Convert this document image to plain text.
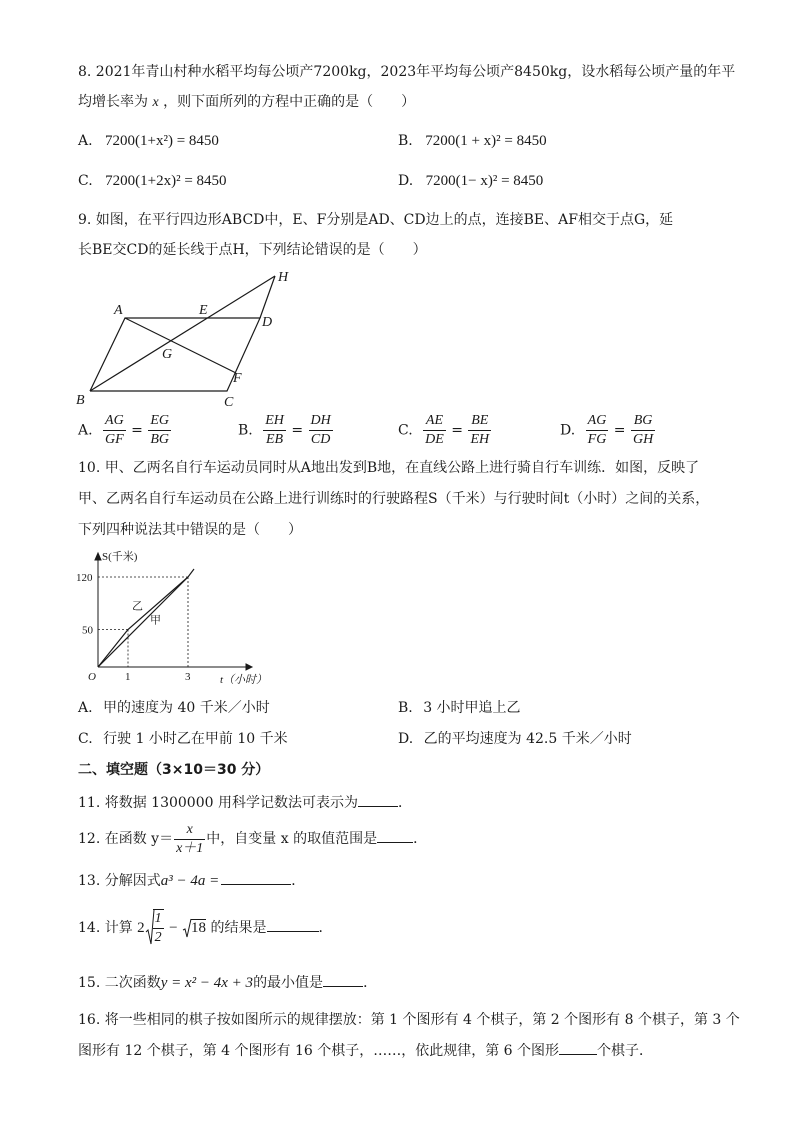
8. 2021年青山村种水稻平均每公顷产7200kg，2023年平均每公顷产8450kg，设水稻每公顷产量的年平
均增长率为 x ，则下面所列的方程中正确的是（　　）
A. 7200(1+x²) = 8450	B. 7200(1 + x)² = 8450
C. 7200(1+2x)² = 8450	D. 7200(1− x)² = 8450
9. 如图，在平行四边形ABCD中，E、F分别是AD、CD边上的点，连接BE、AF相交于点G，延
长BE交CD的延长线于点H，下列结论错误的是（　　）
A	E
D
H
G
F
C
B
A. $\frac{AG}{GF} = \frac{EG}{BG}$	B. $\frac{EH}{EB} = \frac{DH}{CD}$	C. $\frac{AE}{DE} = \frac{BE}{EH}$	D. $\frac{AG}{FG} = \frac{BG}{GH}$
10. 甲、乙两名自行车运动员同时从A地出发到B地，在直线公路上进行骑自行车训练．如图，反映了
甲、乙两名自行车运动员在公路上进行训练时的行驶路程S（千米）与行驶时间t（小时）之间的关系，
下列四种说法其中错误的是（　　）
S(千米)
t（小时）
O	1	3
50
120
乙
甲
A. 甲的速度为 40 千米／小时	B. 3 小时甲追上乙
C. 行驶 1 小时乙在甲前 10 千米	D. 乙的平均速度为 42.5 千米／小时
二、填空题（3×10＝30 分）
11. 将数据 1300000 用科学记数法可表示为	．
12. 在函数 $y= \frac{x}{x+1}$ 中，自变量 x 的取值范围是	．
13. 分解因式a³ − 4a =	．
14. 计算 $2 \frac{1}{2} - 18$ 的结果是	．
15. 二次函数y = x² − 4x + 3的最小值是	．
16. 将一些相同的棋子按如图所示的规律摆放：第 1 个图形有 4 个棋子，第 2 个图形有 8 个棋子，第 3 个
图形有 12 个棋子，第 4 个图形有 16 个棋子，……，依此规律，第 6 个图形	个棋子．
